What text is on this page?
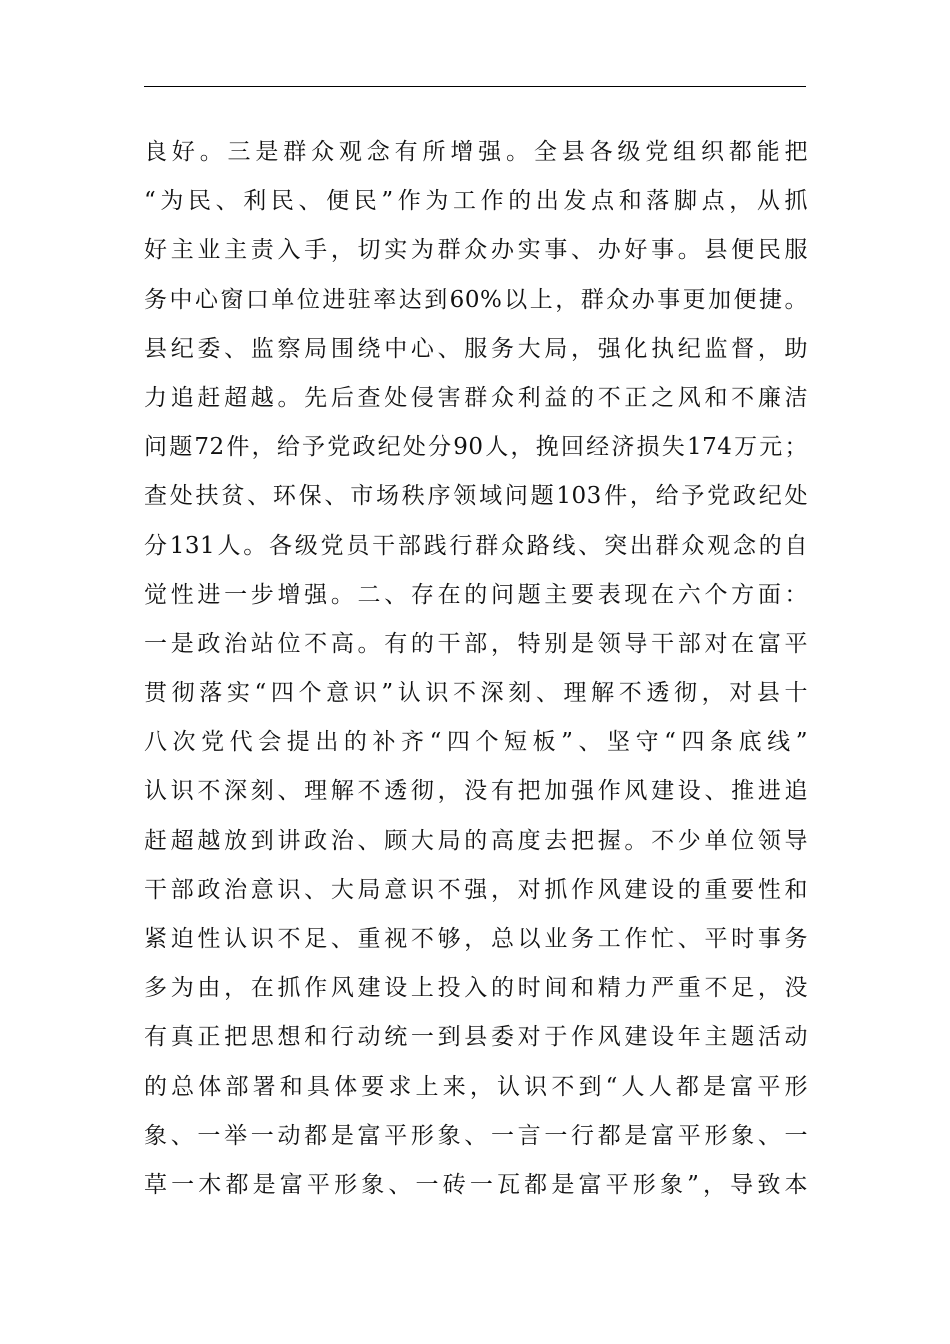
良好。三是群众观念有所增强。全县各级党组织都能把
“为民、利民、便民”作为工作的出发点和落脚点，从抓
好主业主责入手，切实为群众办实事、办好事。县便民服
务中心窗口单位进驻率达到60%以上，群众办事更加便捷。
县纪委、监察局围绕中心、服务大局，强化执纪监督，助
力追赶超越。先后查处侵害群众利益的不正之风和不廉洁
问题72件，给予党政纪处分90人，挽回经济损失174万元；
查处扶贫、环保、市场秩序领域问题103件，给予党政纪处
分131人。各级党员干部践行群众路线、突出群众观念的自
觉性进一步增强。二、存在的问题主要表现在六个方面：
一是政治站位不高。有的干部，特别是领导干部对在富平
贯彻落实“四个意识”认识不深刻、理解不透彻，对县十
八次党代会提出的补齐“四个短板”、坚守“四条底线”
认识不深刻、理解不透彻，没有把加强作风建设、推进追
赶超越放到讲政治、顾大局的高度去把握。不少单位领导
干部政治意识、大局意识不强，对抓作风建设的重要性和
紧迫性认识不足、重视不够，总以业务工作忙、平时事务
多为由，在抓作风建设上投入的时间和精力严重不足，没
有真正把思想和行动统一到县委对于作风建设年主题活动
的总体部署和具体要求上来，认识不到“人人都是富平形
象、一举一动都是富平形象、一言一行都是富平形象、一
草一木都是富平形象、一砖一瓦都是富平形象”，导致本
